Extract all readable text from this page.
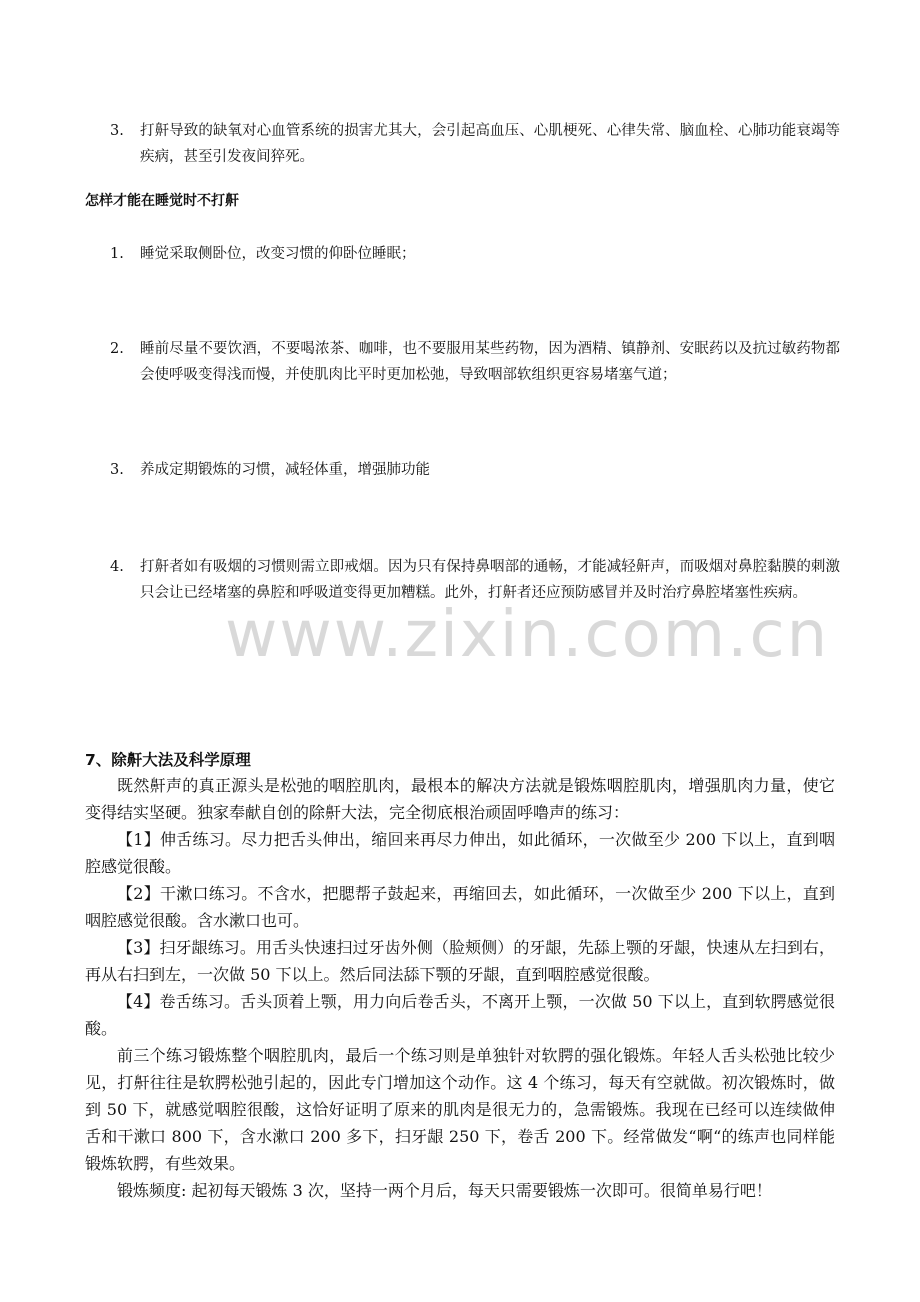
3.	打鼾导致的缺氧对心血管系统的损害尤其大，会引起高血压、心肌梗死、心律失常、脑血栓、心肺功能衰竭等疾病，甚至引发夜间猝死。
怎样才能在睡觉时不打鼾
1.	睡觉采取侧卧位，改变习惯的仰卧位睡眠；
2.	睡前尽量不要饮酒，不要喝浓茶、咖啡，也不要服用某些药物，因为酒精、镇静剂、安眠药以及抗过敏药物都会使呼吸变得浅而慢，并使肌肉比平时更加松弛，导致咽部软组织更容易堵塞气道；
3.	养成定期锻炼的习惯，减轻体重，增强肺功能
4.	打鼾者如有吸烟的习惯则需立即戒烟。因为只有保持鼻咽部的通畅，才能减轻鼾声，而吸烟对鼻腔黏膜的刺激只会让已经堵塞的鼻腔和呼吸道变得更加糟糕。此外，打鼾者还应预防感冒并及时治疗鼻腔堵塞性疾病。
www.zixin.com.cn
7、除鼾大法及科学原理

既然鼾声的真正源头是松弛的咽腔肌肉，最根本的解决方法就是锻炼咽腔肌肉，增强肌肉力量，使它变得结实坚硬。独家奉献自创的除鼾大法，完全彻底根治顽固呼噜声的练习：

【1】伸舌练习。尽力把舌头伸出，缩回来再尽力伸出，如此循环，一次做至少 200 下以上，直到咽腔感觉很酸。

【2】干漱口练习。不含水，把腮帮子鼓起来，再缩回去，如此循环，一次做至少 200 下以上，直到咽腔感觉很酸。含水漱口也可。

【3】扫牙龈练习。用舌头快速扫过牙齿外侧（脸颊侧）的牙龈，先舔上颚的牙龈，快速从左扫到右，再从右扫到左，一次做 50 下以上。然后同法舔下颚的牙龈，直到咽腔感觉很酸。

【4】卷舌练习。舌头顶着上颚，用力向后卷舌头，不离开上颚，一次做 50 下以上，直到软腭感觉很酸。

前三个练习锻炼整个咽腔肌肉，最后一个练习则是单独针对软腭的强化锻炼。年轻人舌头松弛比较少见，打鼾往往是软腭松弛引起的，因此专门增加这个动作。这 4 个练习，每天有空就做。初次锻炼时，做到 50 下，就感觉咽腔很酸，这恰好证明了原来的肌肉是很无力的，急需锻炼。我现在已经可以连续做伸舌和干漱口 800 下，含水漱口 200 多下，扫牙龈 250 下，卷舌 200 下。经常做发“啊“的练声也同样能锻炼软腭，有些效果。

锻炼频度: 起初每天锻炼 3 次，坚持一两个月后，每天只需要锻炼一次即可。很简单易行吧！
